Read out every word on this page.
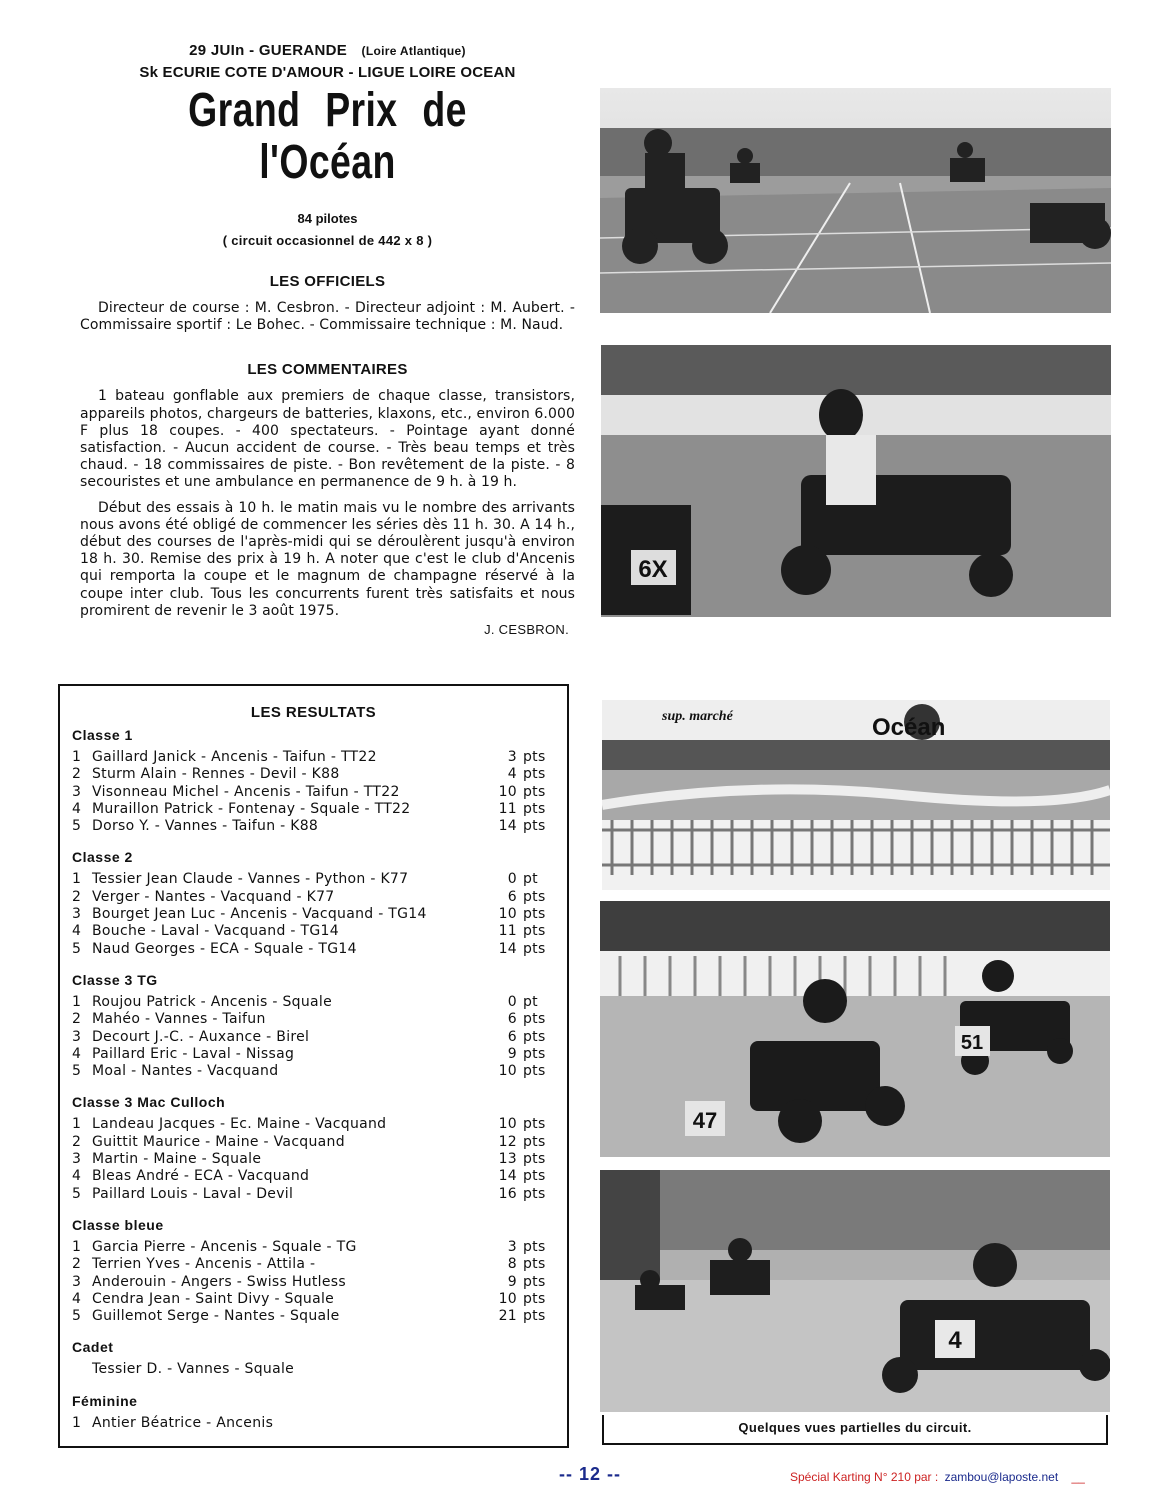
29 JUIn - GUERANDE (Loire Atlantique)
Sk ECURIE COTE D'AMOUR - LIGUE LOIRE OCEAN
Grand Prix de l'Océan
84 pilotes
( circuit occasionnel de 442 x 8 )
LES OFFICIELS

Directeur de course : M. Cesbron. - Directeur adjoint : M. Aubert. - Commissaire sportif : Le Bohec. - Commissaire technique : M. Naud.

LES COMMENTAIRES

1 bateau gonflable aux premiers de chaque classe, transistors, appareils photos, chargeurs de batteries, klaxons, etc., environ 6.000 F plus 18 coupes. - 400 spectateurs. - Pointage ayant donné satisfaction. - Aucun accident de course. - Très beau temps et très chaud. - 18 commissaires de piste. - Bon revêtement de la piste. - 8 secouristes et une ambulance en permanence de 9 h. à 19 h.

Début des essais à 10 h. le matin mais vu le nombre des arrivants nous avons été obligé de commencer les séries dès 11 h. 30. A 14 h., début des courses de l'après-midi qui se déroulèrent jusqu'à environ 18 h. 30. Remise des prix à 19 h. A noter que c'est le club d'Ancenis qui remporta la coupe et le magnum de champagne réservé à la coupe inter club. Tous les concurrents furent très satisfaits et nous promirent de revenir le 3 août 1975.

J. CESBRON.
LES RESULTATS
Classe 1
1 Gaillard Janick - Ancenis - Taifun - TT22	3 pts
2 Sturm Alain - Rennes - Devil - K88	4 pts
3 Visonneau Michel - Ancenis - Taifun - TT22	10 pts
4 Muraillon Patrick - Fontenay - Squale - TT22	11 pts
5 Dorso Y. - Vannes - Taifun - K88	14 pts
Classe 2
1 Tessier Jean Claude - Vannes - Python - K77	0 pt
2 Verger - Nantes - Vacquand - K77	6 pts
3 Bourget Jean Luc - Ancenis - Vacquand - TG14	10 pts
4 Bouche - Laval - Vacquand - TG14	11 pts
5 Naud Georges - ECA - Squale - TG14	14 pts
Classe 3 TG
1 Roujou Patrick - Ancenis - Squale	0 pt
2 Mahéo - Vannes - Taifun	6 pts
3 Decourt J.-C. - Auxance - Birel	6 pts
4 Paillard Eric - Laval - Nissag	9 pts
5 Moal - Nantes - Vacquand	10 pts
Classe 3 Mac Culloch
1 Landeau Jacques - Ec. Maine - Vacquand	10 pts
2 Guittit Maurice - Maine - Vacquand	12 pts
3 Martin - Maine - Squale	13 pts
4 Bleas André - ECA - Vacquand	14 pts
5 Paillard Louis - Laval - Devil	16 pts
Classe bleue
1 Garcia Pierre - Ancenis - Squale - TG	3 pts
2 Terrien Yves - Ancenis - Attila -	8 pts
3 Anderouin - Angers - Swiss Hutless	9 pts
4 Cendra Jean - Saint Divy - Squale	10 pts
5 Guillemot Serge - Nantes - Squale	21 pts
Cadet
Tessier D. - Vannes - Squale
Féminine
1 Antier Béatrice - Ancenis
6X
sup. marché	Océan
47
51
4
Quelques vues partielles du circuit.
-- 12 --	Spécial Karting N° 210 par : zambou@laposte.net __
